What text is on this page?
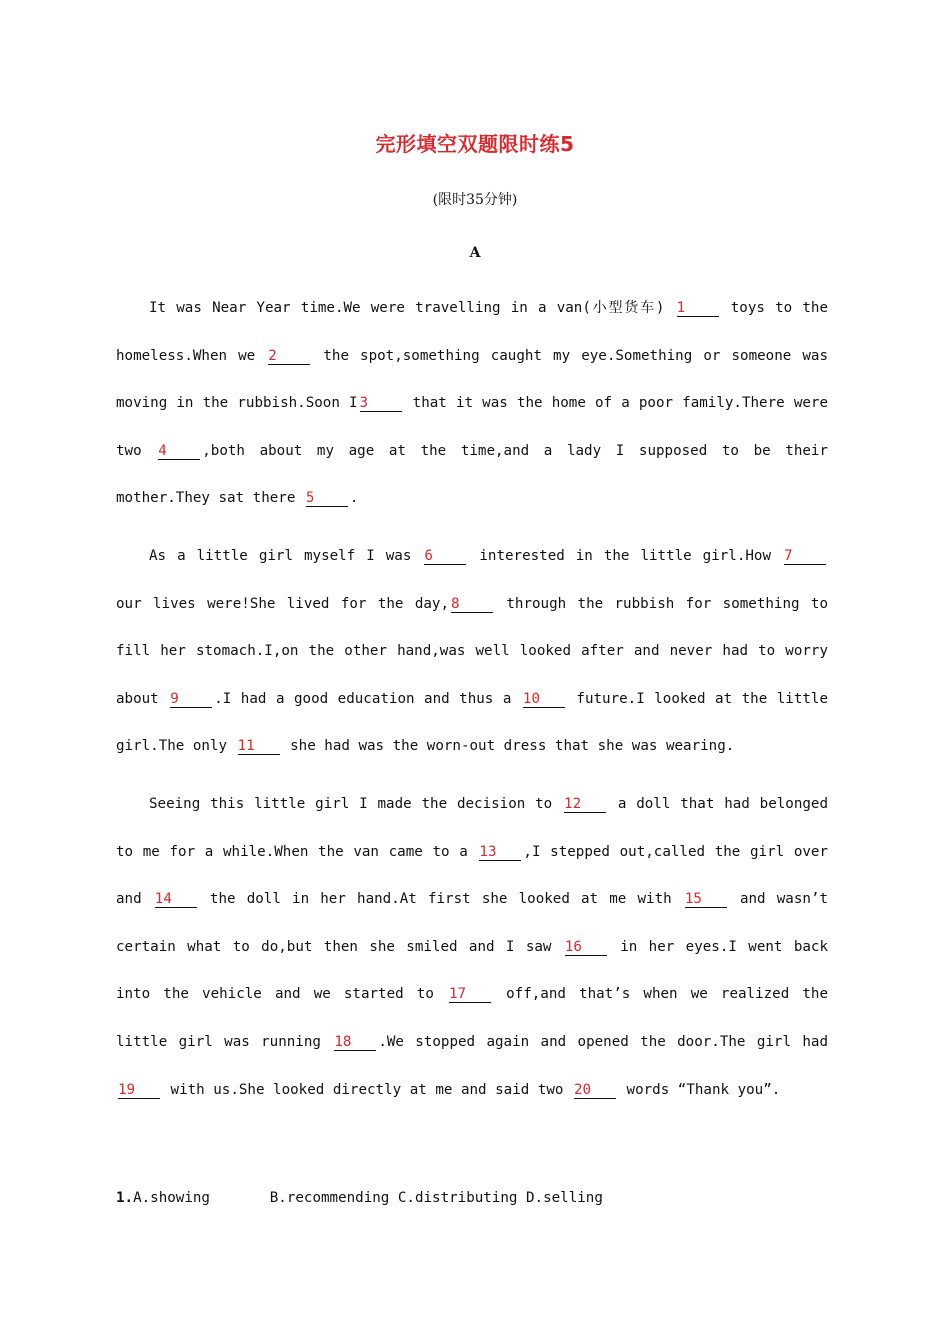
完形填空双题限时练5
(限时35分钟)
A

It was Near Year time.We were travelling in a van(小型货车) 1 toys to the homeless.When we 2 the spot,something caught my eye.Something or someone was moving in the rubbish.Soon I 3 that it was the home of a poor family.There were two 4 ,both about my age at the time,and a lady I supposed to be their mother.They sat there 5 .

As a little girl myself I was 6 interested in the little girl.How 7 our lives were!She lived for the day, 8 through the rubbish for something to fill her stomach.I,on the other hand,was well looked after and never had to worry about 9 .I had a good education and thus a 10 future.I looked at the little girl.The only 11 she had was the worn-out dress that she was wearing.

Seeing this little girl I made the decision to 12 a doll that had belonged to me for a while.When the van came to a 13 ,I stepped out,called the girl over and 14 the doll in her hand.At first she looked at me with 15 and wasn’t certain what to do,but then she smiled and I saw 16 in her eyes.I went back into the vehicle and we started to 17 off,and that’s when we realized the little girl was running 18 .We stopped again and opened the door.The girl had 19 with us.She looked directly at me and said two 20 words “Thank you”.

1.A.showing       B.recommending C.distributing D.selling
